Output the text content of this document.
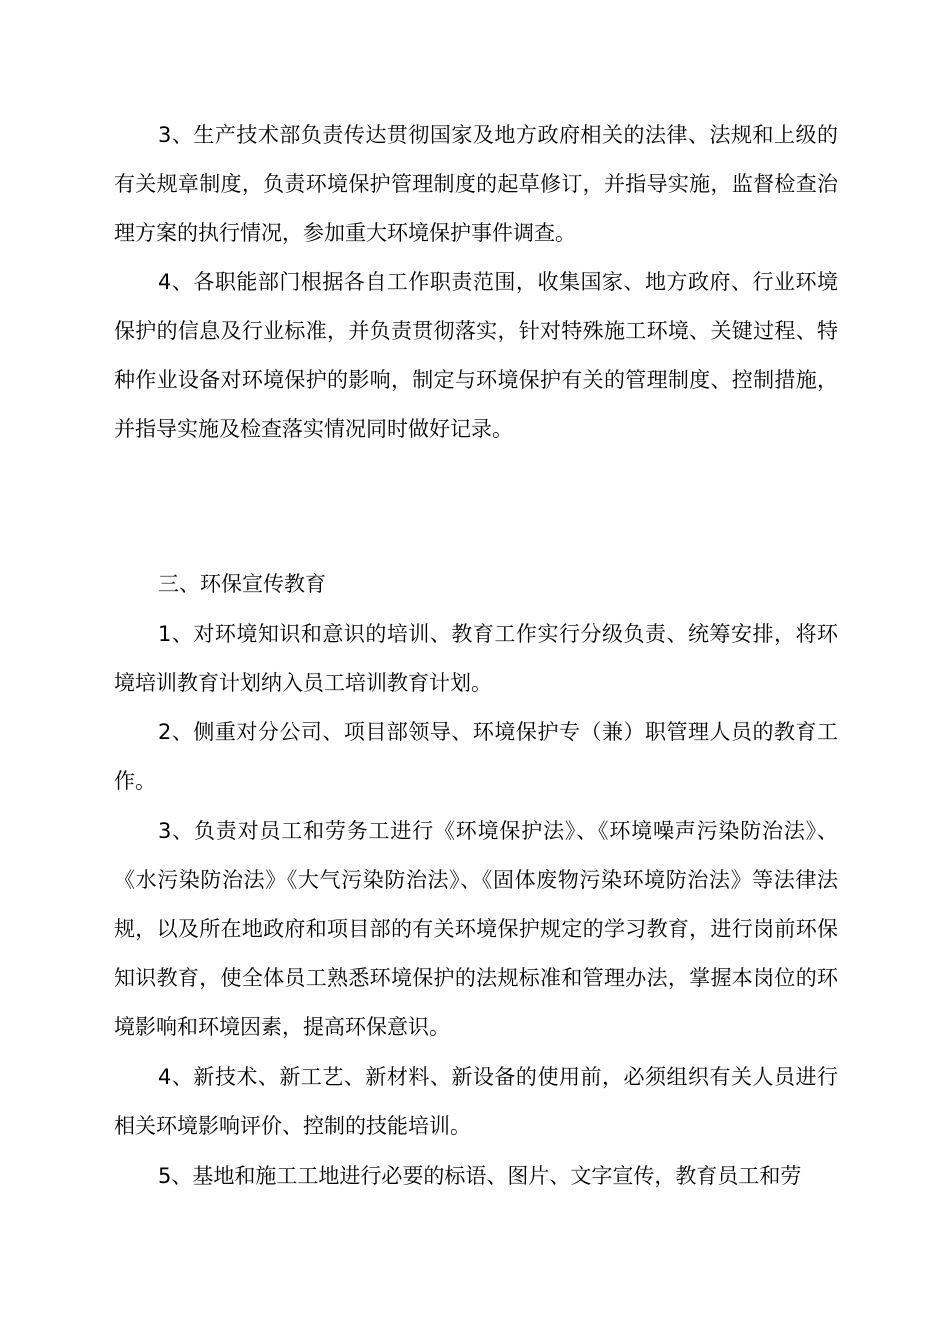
3、生产技术部负责传达贯彻国家及地方政府相关的法律、法规和上级的有关规章制度，负责环境保护管理制度的起草修订，并指导实施，监督检查治理方案的执行情况，参加重大环境保护事件调查。

4、各职能部门根据各自工作职责范围，收集国家、地方政府、行业环境保护的信息及行业标准，并负责贯彻落实，针对特殊施工环境、关键过程、特种作业设备对环境保护的影响，制定与环境保护有关的管理制度、控制措施，并指导实施及检查落实情况同时做好记录。

三、环保宣传教育

1、对环境知识和意识的培训、教育工作实行分级负责、统筹安排，将环境培训教育计划纳入员工培训教育计划。

2、侧重对分公司、项目部领导、环境保护专（兼）职管理人员的教育工作。

3、负责对员工和劳务工进行《环境保护法》、《环境噪声污染防治法》、《水污染防治法》《大气污染防治法》、《固体废物污染环境防治法》等法律法规，以及所在地政府和项目部的有关环境保护规定的学习教育，进行岗前环保知识教育，使全体员工熟悉环境保护的法规标准和管理办法，掌握本岗位的环境影响和环境因素，提高环保意识。

4、新技术、新工艺、新材料、新设备的使用前，必须组织有关人员进行相关环境影响评价、控制的技能培训。

5、基地和施工工地进行必要的标语、图片、文字宣传，教育员工和劳
